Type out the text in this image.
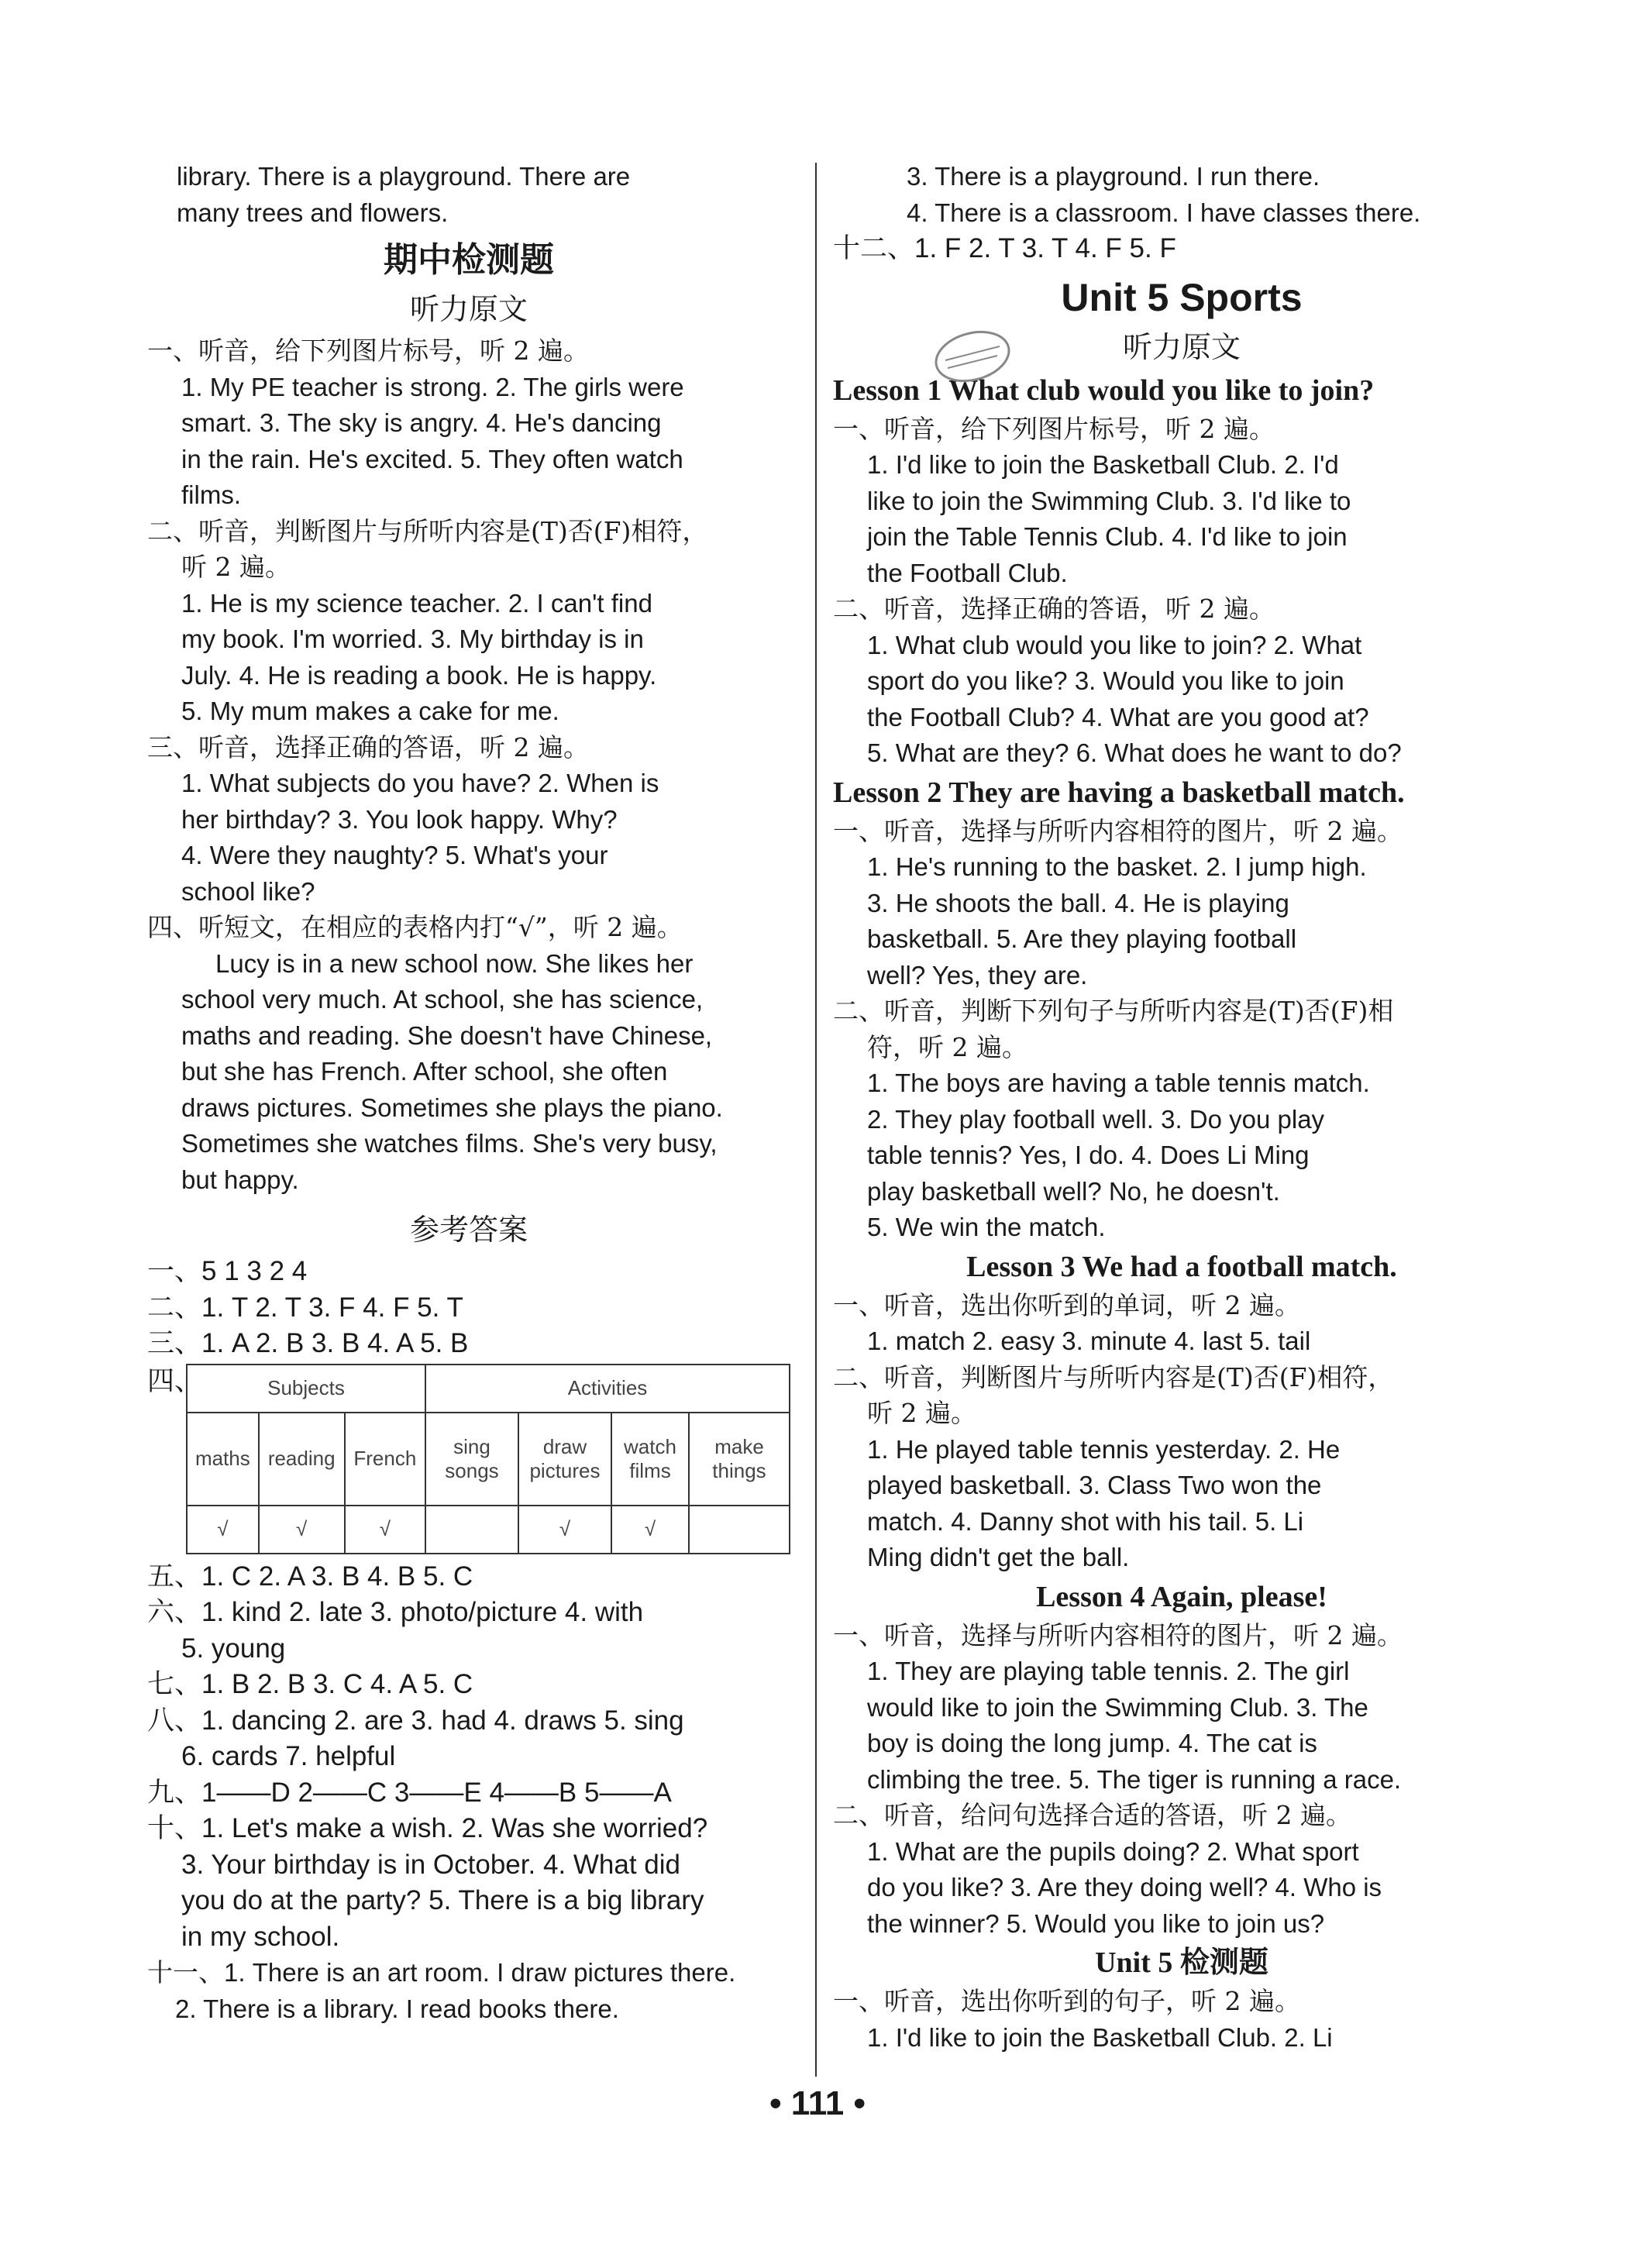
library. There is a playground. There are

many trees and flowers.

期中检测题
听力原文

一、听音，给下列图片标号，听 2 遍。

1. My PE teacher is strong. 2. The girls were

smart. 3. The sky is angry. 4. He's dancing

in the rain. He's excited. 5. They often watch

films.

二、听音，判断图片与所听内容是(T)否(F)相符，

听 2 遍。

1. He is my science teacher. 2. I can't find

my book. I'm worried. 3. My birthday is in

July. 4. He is reading a book. He is happy.

5. My mum makes a cake for me.

三、听音，选择正确的答语，听 2 遍。

1. What subjects do you have? 2. When is

her birthday? 3. You look happy. Why?

4. Were they naughty? 5. What's your

school like?

四、听短文，在相应的表格内打“√”，听 2 遍。

Lucy is in a new school now. She likes her

school very much. At school, she has science,

maths and reading. She doesn't have Chinese,

but she has French. After school, she often

draws pictures. Sometimes she plays the piano.

Sometimes she watches films. She's very busy,

but happy.

参考答案

一、5 1 3 2 4

二、1. T 2. T 3. F 4. F 5. T

三、1. A 2. B 3. B 4. A 5. B

四、	Subjects			Activities			
maths	reading	French	sing songs	draw pictures	watch films	make things
√	√	√		√	√	

五、1. C 2. A 3. B 4. B 5. C

六、1. kind 2. late 3. photo/picture 4. with

5. young

七、1. B 2. B 3. C 4. A 5. C

八、1. dancing 2. are 3. had 4. draws 5. sing

6. cards 7. helpful

九、1——D 2——C 3——E 4——B 5——A

十、1. Let's make a wish. 2. Was she worried?

3. Your birthday is in October. 4. What did

you do at the party? 5. There is a big library

in my school.

十一、1. There is an art room. I draw pictures there.

2. There is a library. I read books there.

3. There is a playground. I run there.

4. There is a classroom. I have classes there.

十二、1. F 2. T 3. T 4. F 5. F

Unit 5 Sports
听力原文
Lesson 1 What club would you like to join?

一、听音，给下列图片标号，听 2 遍。

1. I'd like to join the Basketball Club. 2. I'd

like to join the Swimming Club. 3. I'd like to

join the Table Tennis Club. 4. I'd like to join

the Football Club.

二、听音，选择正确的答语，听 2 遍。

1. What club would you like to join? 2. What

sport do you like? 3. Would you like to join

the Football Club? 4. What are you good at?

5. What are they? 6. What does he want to do?

Lesson 2 They are having a basketball match.

一、听音，选择与所听内容相符的图片，听 2 遍。

1. He's running to the basket. 2. I jump high.

3. He shoots the ball. 4. He is playing

basketball. 5. Are they playing football

well? Yes, they are.

二、听音，判断下列句子与所听内容是(T)否(F)相

符，听 2 遍。

1. The boys are having a table tennis match.

2. They play football well. 3. Do you play

table tennis? Yes, I do. 4. Does Li Ming

play basketball well? No, he doesn't.

5. We win the match.

Lesson 3 We had a football match.

一、听音，选出你听到的单词，听 2 遍。

1. match 2. easy 3. minute 4. last 5. tail

二、听音，判断图片与所听内容是(T)否(F)相符，

听 2 遍。

1. He played table tennis yesterday. 2. He

played basketball. 3. Class Two won the

match. 4. Danny shot with his tail. 5. Li

Ming didn't get the ball.

Lesson 4 Again, please!

一、听音，选择与所听内容相符的图片，听 2 遍。

1. They are playing table tennis. 2. The girl

would like to join the Swimming Club. 3. The

boy is doing the long jump. 4. The cat is

climbing the tree. 5. The tiger is running a race.

二、听音，给问句选择合适的答语，听 2 遍。

1. What are the pupils doing? 2. What sport

do you like? 3. Are they doing well? 4. Who is

the winner? 5. Would you like to join us?

Unit 5 检测题

一、听音，选出你听到的句子，听 2 遍。

1. I'd like to join the Basketball Club. 2. Li

• 111 •
